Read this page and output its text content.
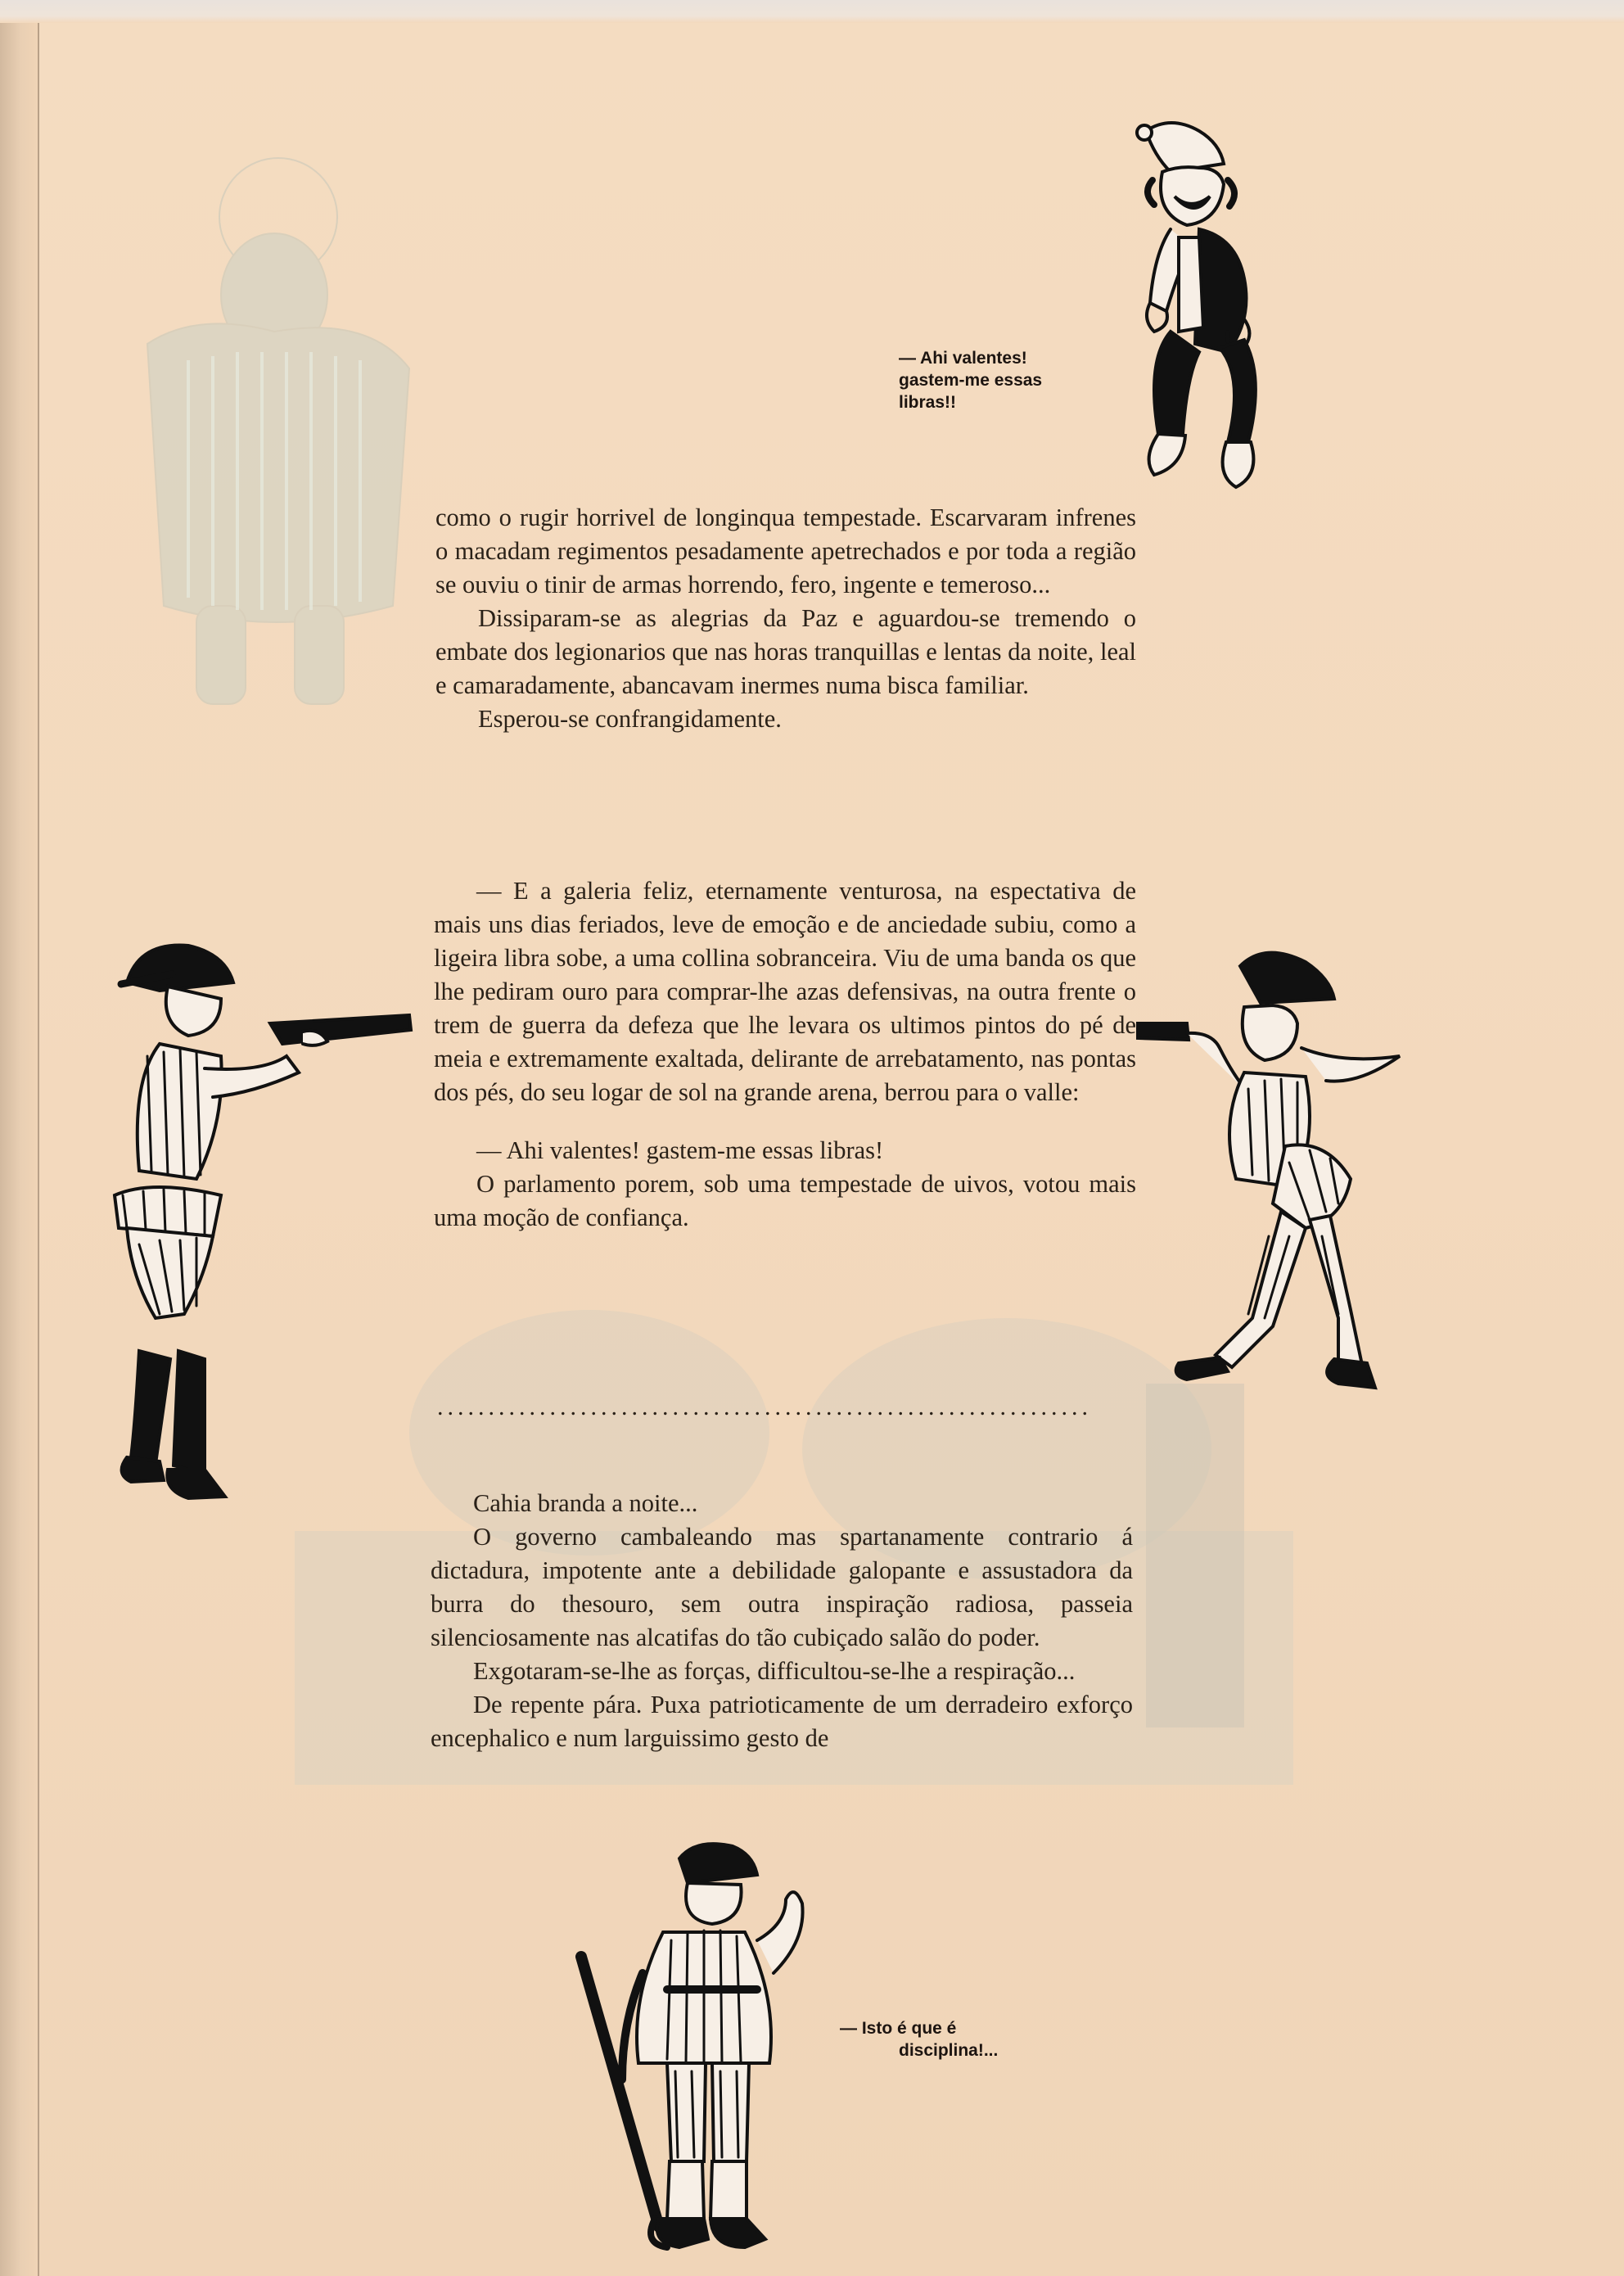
— Ahi valentes!
gastem-me essas
libras!!

como o rugir horrivel de longinqua tempestade. Escarvaram infrenes o macadam regimentos pesadamente apetrechados e por toda a região se ouviu o tinir de armas horrendo, fero, ingente e temeroso...

Dissiparam-se as alegrias da Paz e aguardou-se tremendo o embate dos legionarios que nas horas tranquillas e lentas da noite, leal e camaradamente, abancavam inermes numa bisca familiar.

Esperou-se confrangidamente.

— E a galeria feliz, eternamente venturosa, na espectativa de mais uns dias feriados, leve de emoção e de anciedade subiu, como a ligeira libra sobe, a uma collina sobranceira. Viu de uma banda os que lhe pediram ouro para comprar-lhe azas defensivas, na outra frente o trem de guerra da defeza que lhe levara os ultimos pintos do pé de meia e extremamente exaltada, delirante de arrebatamento, nas pontas dos pés, do seu logar de sol na grande arena, berrou para o valle:

— Ahi valentes! gastem-me essas libras!

O parlamento porem, sob uma tempestade de uivos, votou mais uma moção de confiança.

................................................................

Cahia branda a noite...

O governo cambaleando mas spartanamente contrario á dictadura, impotente ante a debilidade galopante e assustadora da burra do thesouro, sem outra inspiração radiosa, passeia silenciosamente nas alcatifas do tão cubiçado salão do poder.

Exgotaram-se-lhe as forças, difficultou-se-lhe a respiração...

De repente pára. Puxa patrioticamente de um derradeiro exforço encephalico e num larguissimo gesto de

— Isto é que é
disciplina!...
